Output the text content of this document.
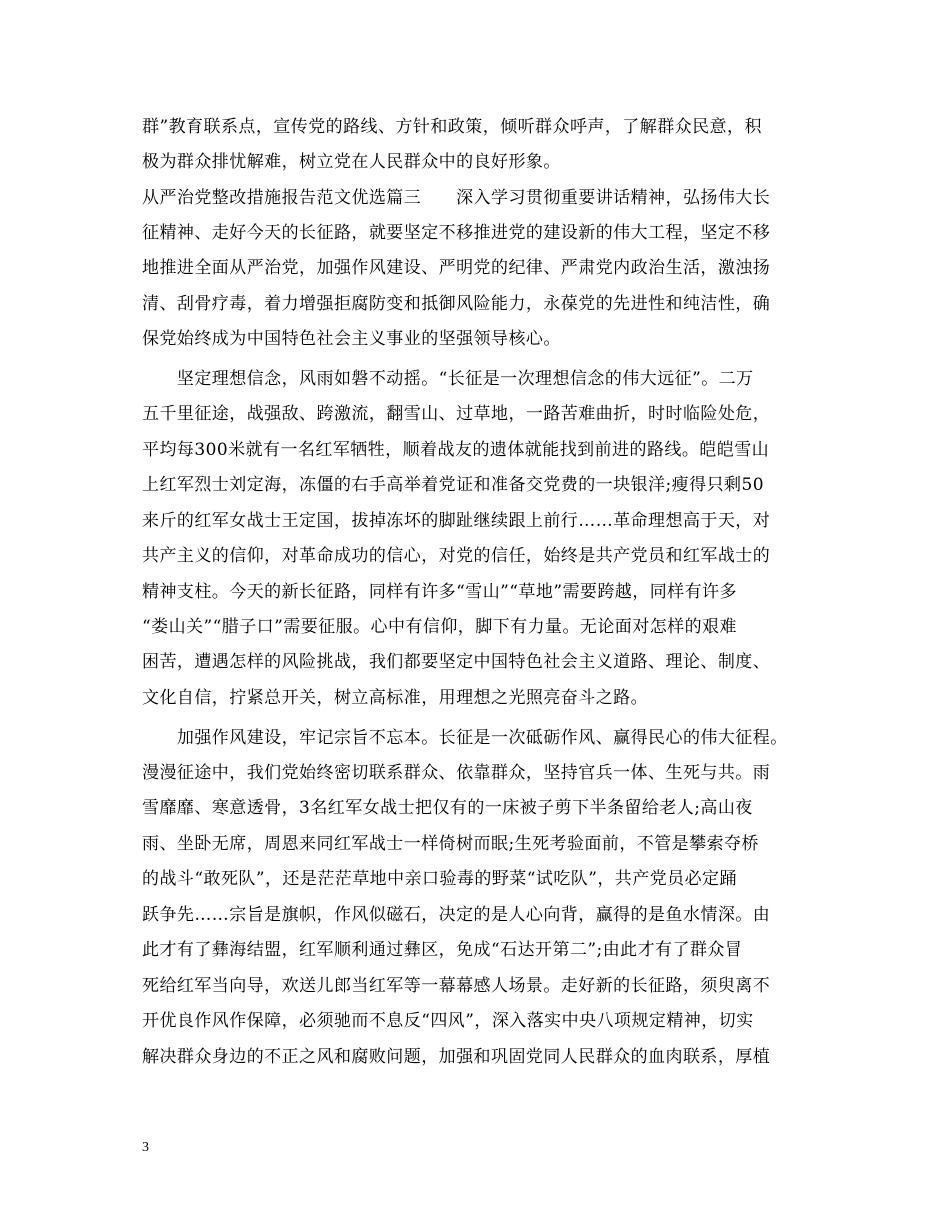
群”教育联系点，宣传党的路线、方针和政策，倾听群众呼声，了解群众民意，积
极为群众排忧解难，树立党在人民群众中的良好形象。
从严治党整改措施报告范文优选篇三　　深入学习贯彻重要讲话精神，弘扬伟大长
征精神、走好今天的长征路，就要坚定不移推进党的建设新的伟大工程，坚定不移
地推进全面从严治党，加强作风建设、严明党的纪律、严肃党内政治生活，激浊扬
清、刮骨疗毒，着力增强拒腐防变和抵御风险能力，永葆党的先进性和纯洁性，确
保党始终成为中国特色社会主义事业的坚强领导核心。
　　坚定理想信念，风雨如磐不动摇。“长征是一次理想信念的伟大远征”。二万
五千里征途，战强敌、跨激流，翻雪山、过草地，一路苦难曲折，时时临险处危，
平均每300米就有一名红军牺牲，顺着战友的遗体就能找到前进的路线。皑皑雪山
上红军烈士刘定海，冻僵的右手高举着党证和准备交党费的一块银洋;瘦得只剩50
来斤的红军女战士王定国，拔掉冻坏的脚趾继续跟上前行……革命理想高于天，对
共产主义的信仰，对革命成功的信心，对党的信任，始终是共产党员和红军战士的
精神支柱。今天的新长征路，同样有许多“雪山”“草地”需要跨越，同样有许多
“娄山关”“腊子口”需要征服。心中有信仰，脚下有力量。无论面对怎样的艰难
困苦，遭遇怎样的风险挑战，我们都要坚定中国特色社会主义道路、理论、制度、
文化自信，拧紧总开关，树立高标准，用理想之光照亮奋斗之路。
　　加强作风建设，牢记宗旨不忘本。长征是一次砥砺作风、赢得民心的伟大征程。
漫漫征途中，我们党始终密切联系群众、依靠群众，坚持官兵一体、生死与共。雨
雪靡靡、寒意透骨，3名红军女战士把仅有的一床被子剪下半条留给老人;高山夜
雨、坐卧无席，周恩来同红军战士一样倚树而眠;生死考验面前，不管是攀索夺桥
的战斗“敢死队”，还是茫茫草地中亲口验毒的野菜“试吃队”，共产党员必定踊
跃争先……宗旨是旗帜，作风似磁石，决定的是人心向背，赢得的是鱼水情深。由
此才有了彝海结盟，红军顺利通过彝区，免成“石达开第二”;由此才有了群众冒
死给红军当向导，欢送儿郎当红军等一幕幕感人场景。走好新的长征路，须臾离不
开优良作风作保障，必须驰而不息反“四风”，深入落实中央八项规定精神，切实
解决群众身边的不正之风和腐败问题，加强和巩固党同人民群众的血肉联系，厚植
3
